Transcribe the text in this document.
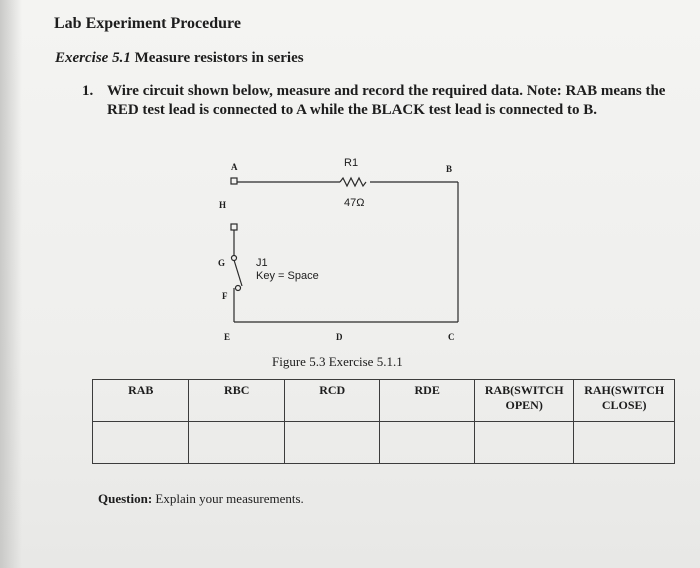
Lab Experiment Procedure
Exercise 5.1 Measure resistors in series
1. Wire circuit shown below, measure and record the required data. Note: RAB means the RED test lead is connected to A while the BLACK test lead is connected to B.
R1
47Ω
J1
Key = Space
A	B
C
D
E
F
G
H
Figure 5.3 Exercise 5.1.1
RAB	RBC	RCD	RDE	RAB(SWITCH OPEN)	RAH(SWITCH CLOSE)

Question: Explain your measurements.
